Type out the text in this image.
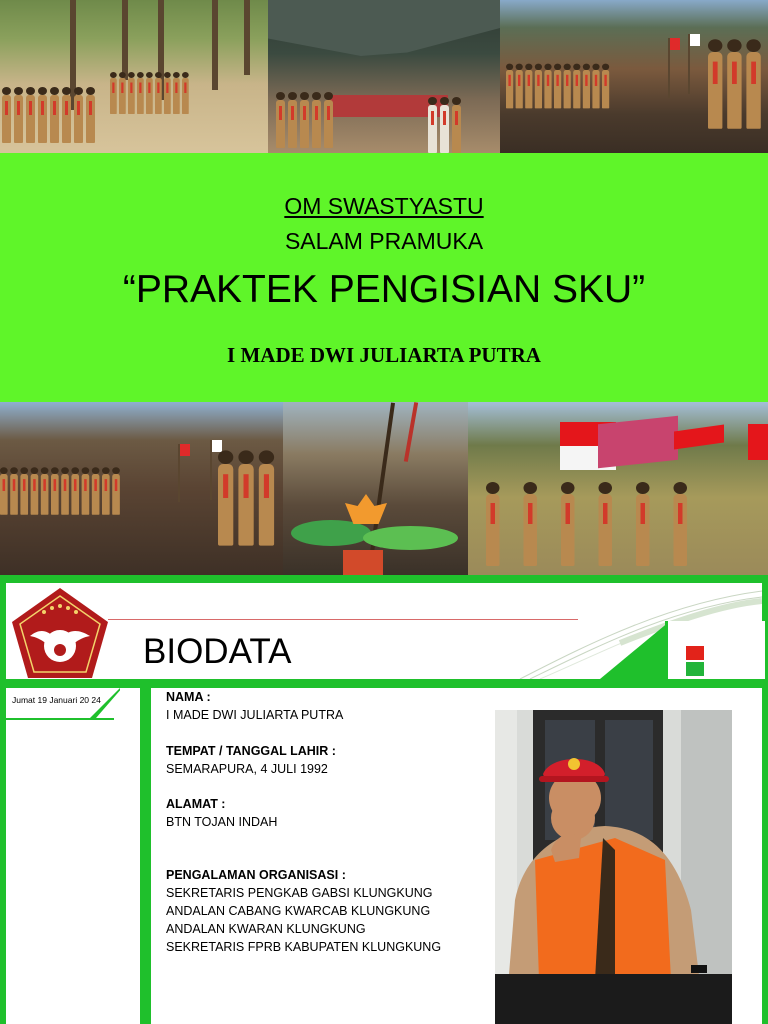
OM SWASTYASTU
SALAM PRAMUKA
“PRAKTEK PENGISIAN SKU”
I MADE DWI JULIARTA PUTRA
BIODATA
Jumat 19 Januari 20 24	NAMA :
I MADE DWI JULIARTA PUTRA
TEMPAT / TANGGAL LAHIR :
SEMARAPURA, 4 JULI 1992
ALAMAT :
BTN TOJAN INDAH
PENGALAMAN ORGANISASI :
SEKRETARIS PENGKAB GABSI KLUNGKUNG
ANDALAN CABANG KWARCAB KLUNGKUNG
ANDALAN KWARAN KLUNGKUNG
SEKRETARIS FPRB KABUPATEN KLUNGKUNG
